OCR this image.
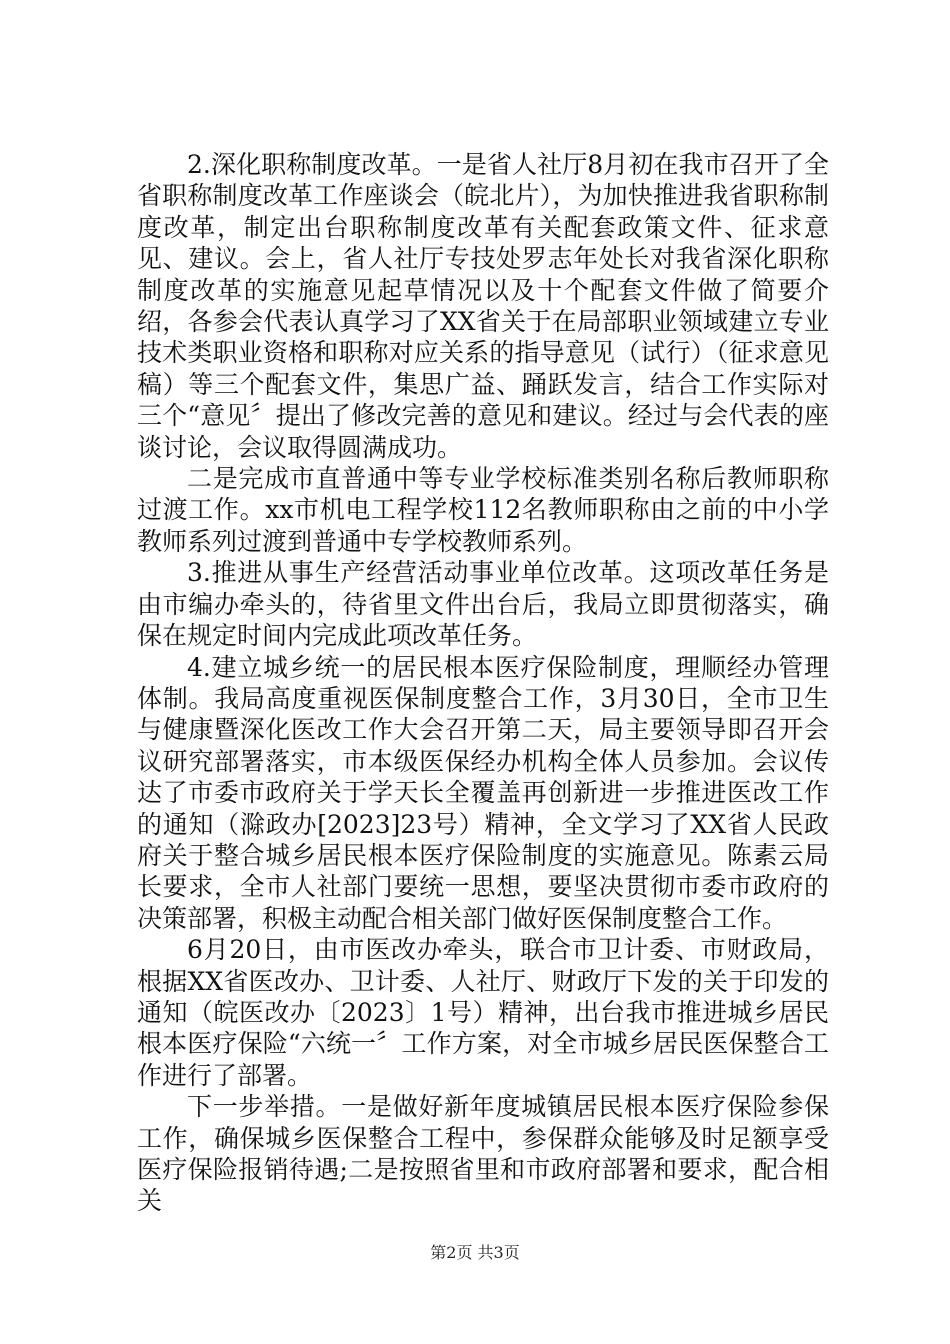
2.深化职称制度改革。一是省人社厅8月初在我市召开了全省职称制度改革工作座谈会（皖北片），为加快推进我省职称制度改革，制定出台职称制度改革有关配套政策文件、征求意见、建议。会上，省人社厅专技处罗志年处长对我省深化职称制度改革的实施意见起草情况以及十个配套文件做了简要介绍，各参会代表认真学习了XX省关于在局部职业领域建立专业技术类职业资格和职称对应关系的指导意见（试行）（征求意见稿）等三个配套文件，集思广益、踊跃发言，结合工作实际对三个“意见〞提出了修改完善的意见和建议。经过与会代表的座谈讨论，会议取得圆满成功。

二是完成市直普通中等专业学校标准类别名称后教师职称过渡工作。xx市机电工程学校112名教师职称由之前的中小学教师系列过渡到普通中专学校教师系列。

3.推进从事生产经营活动事业单位改革。这项改革任务是由市编办牵头的，待省里文件出台后，我局立即贯彻落实，确保在规定时间内完成此项改革任务。

4.建立城乡统一的居民根本医疗保险制度，理顺经办管理体制。我局高度重视医保制度整合工作，3月30日，全市卫生与健康暨深化医改工作大会召开第二天，局主要领导即召开会议研究部署落实，市本级医保经办机构全体人员参加。会议传达了市委市政府关于学天长全覆盖再创新进一步推进医改工作的通知（滁政办[2023]23号）精神，全文学习了XX省人民政府关于整合城乡居民根本医疗保险制度的实施意见。陈素云局长要求，全市人社部门要统一思想，要坚决贯彻市委市政府的决策部署，积极主动配合相关部门做好医保制度整合工作。

6月20日，由市医改办牵头，联合市卫计委、市财政局，根据XX省医改办、卫计委、人社厅、财政厅下发的关于印发的通知（皖医改办〔2023〕1号）精神，出台我市推进城乡居民根本医疗保险“六统一〞工作方案，对全市城乡居民医保整合工作进行了部署。

下一步举措。一是做好新年度城镇居民根本医疗保险参保工作，确保城乡医保整合工程中，参保群众能够及时足额享受医疗保险报销待遇;二是按照省里和市政府部署和要求，配合相关

第2页 共3页
